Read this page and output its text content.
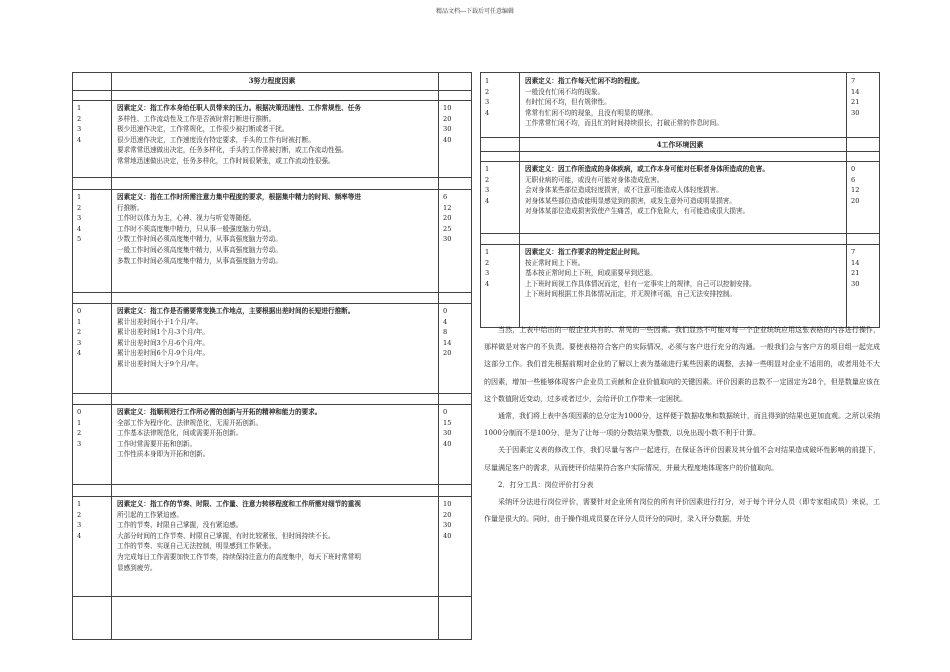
精品文档---下载后可任意编辑
3努力程度因素
1
2
3
4
因素定义：指工作本身给任职人员带来的压力。根据决策迅速性、工作常规性、任务
多样性、工作流动性及工作是否被时常打断进行推断。
极少迅速作决定，工作常规化，工作很少被打断或者干扰。
很少迅速作决定，工作速度没有特定要求，手头的工作有时被打断。
要求常常迅速做出决定，任务多样化，手头的工作常被打断，或工作流动性强。
常常地迅速做出决定，任务多样化，工作时间很紧张，或工作流动性很强。
10
20
30
40
1
2
3
4
5
因素定义：指在工作时所需注意力集中程度的要求，根据集中精力的时间、频率等进
行推断。
工作时以体力为主，心神、视力与听觉等随便。
工作时不须高度集中精力，只从事一般强度脑力劳动。
少数工作时间必须高度集中精力，从事高强度脑力劳动。
一般工作时间必须高度集中精力，从事高强度脑力劳动。
多数工作时间必须高度集中精力，从事高强度脑力劳动。
6
12
20
25
30
0
1
2
3
4
因素定义：指工作是否需要常变换工作地点，主要根据出差时间的长短进行推断。
累计出差时间小于1个月/年。
累计出差时间1个月-3个月/年。
累计出差时间3个月-6个月/年。
累计出差时间6个月-9个月/年。
累计出差时间大于9个月/年。
0
4
8
14
20
0
1
2
3
因素定义：指顺利进行工作所必需的创新与开拓的精神和能力的要求。
全部工作为程序化、法律规范化，无需开拓创新。
工作基本法律规范化，间或需要开拓创新。
工作时常需要开拓和创新。
工作性质本身即为开拓和创新。
0
15
30
40
1
2
3
4
因素定义：指工作的节奏、时限、工作量、注意力转移程度和工作所需对细节的重视
所引起的工作紧迫感。
工作的节奏、时限自己掌握，没有紧迫感。
大部分时间的工作节奏、时限自己掌握，有时比较紧张，但时间持续不长。
工作的节奏、实现自己无法控制，明显感到工作紧张。
为完成每日工作需要加快工作节奏，持续保持注意力的高度集中，每天下班时常常明
显感到疲劳。
10
20
30
40
4工作环境因素
1
2
3
4
因素定义：指工作每天忙闲不均的程度。
一般没有忙闲不均的现象。
有时忙闲不均，但有规律性。
常常有忙闲不均的现象，且没有明显的规律。
工作常常忙闲不均，而且忙的时间持续很长，打破正常的作息时间。
7
14
21
30
1
2
3
4
因素定义：因工作所造成的身体疾病，或工作本身可能对任职者身体所造成的危害。
无职业病的可能，或没有可能对身体造成危害。
会对身体某些部位造成轻度损害，或不注意可能造成人体轻度损害。
对身体某些部位造成能明显感觉到的损害，或发生意外可造成明显损害。
对身体某部位造成损害致使产生痛苦，或工作危险大，有可能造成很大损害。
0
6
12
20
1
2
3
4
因素定义：指工作要求的特定起止时间。
按正常时间上下班。
基本按正常时间上下班，间或需要早到迟退。
上下班时间视工作具体情况而定，但有一定事实上的规律，自己可以控制安排。
上下班时间根据工作具体情况而定，并无规律可循，自己无法安排控制。
7
14
21
30

当然，上表中给出的一般企业共有的、常见的一些因素。我们显然不可能对每一个企业统统应用这张表格的内容进行操作，那样做是对客户的不负责。要使表格符合客户的实际情况，必须与客户进行充分的沟通。一般我们会与客户方的项目组一起完成这部分工作。我们首先根据前期对企业的了解以上表为基础进行某些因素的调整，去掉一些明显对企业不适用的，或者用处不大的因素，增加一些能够体现客户企业员工贡献和企业价值取向的关键因素。评价因素的总数不一定固定为28个，但是数量应该在这个数值附近变动，过多或者过少，会给评价工作带来一定困扰。

通常，我们将上表中各项因素的总分定为1000分，这样便于数据收集和数据统计，而且得到的结果也更加直观。之所以采纳1000分制而不是100分，是为了让每一项的分数结果为整数，以免出现小数不利于计算。

关于因素定义表的修改工作，我们尽量与客户一起进行，在保证各评价因素及其分值不会对结果造成破坏性影响的前提下，尽量满足客户的需求，从而使评价结果符合客户实际情况，并最大程度地体现客户的价值取向。

2．打分工具：岗位评价打分表

采纳评分法进行岗位评价，需要针对企业所有岗位的所有评价因素进行打分，对于每个评分人员（即专家组成员）来说，工作量是很大的。同时，由于操作组成员要在评分人员评分的同时，录入评分数据，并处
